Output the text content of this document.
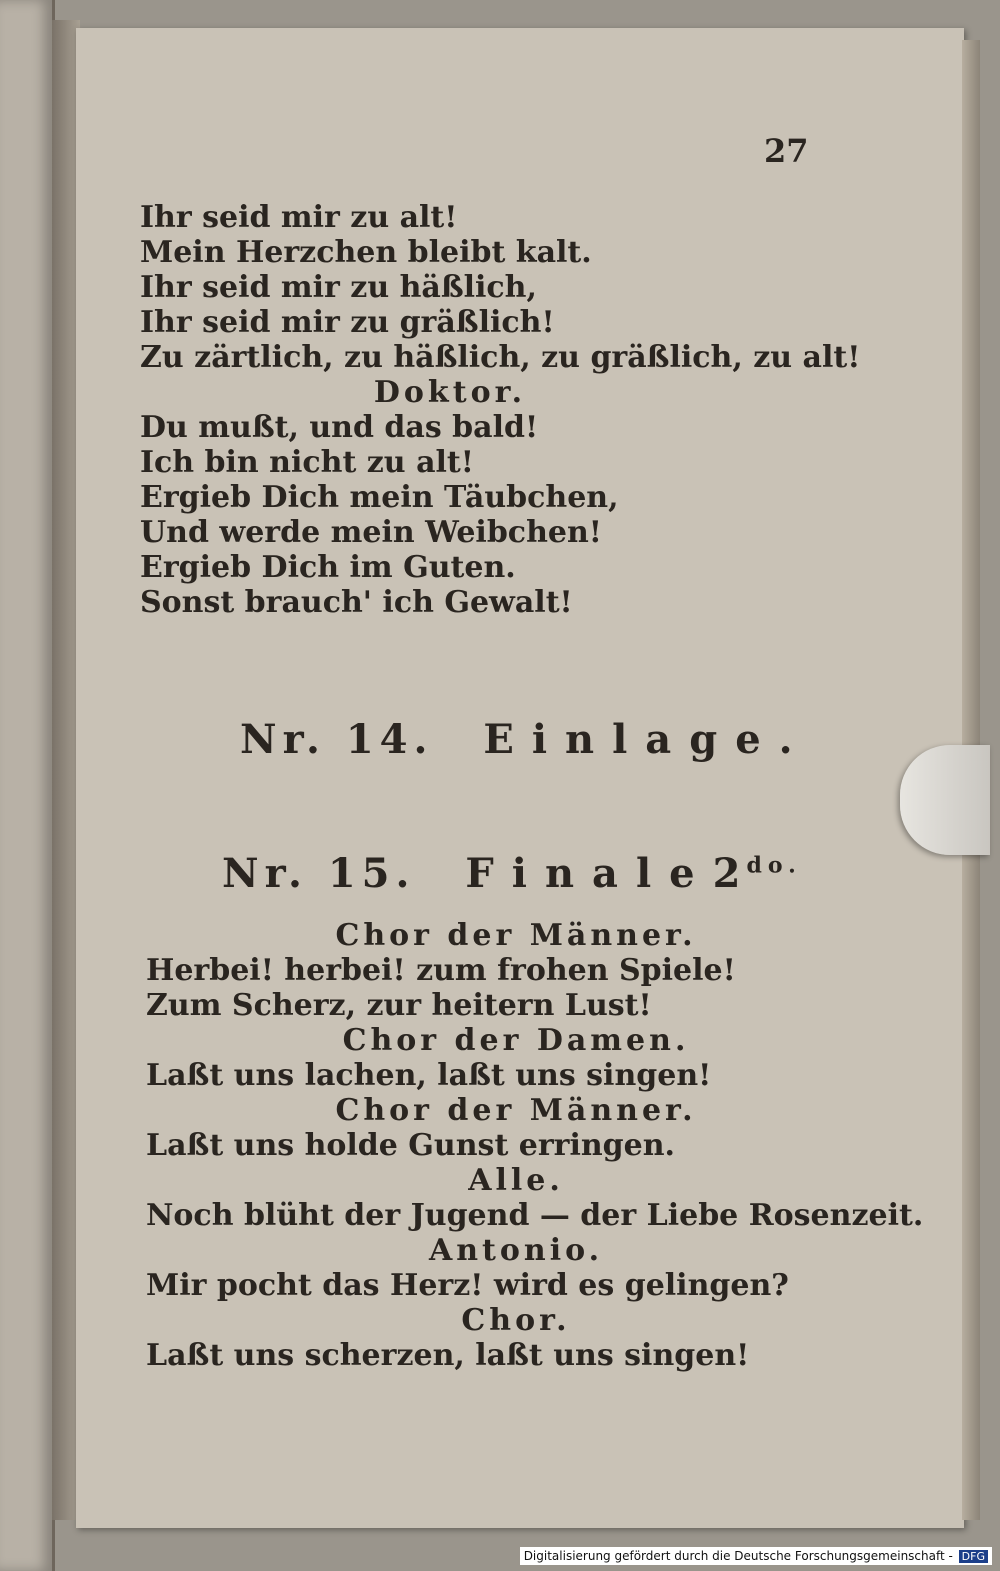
27
Ihr seid mir zu alt!
Mein Herzchen bleibt kalt.
Ihr seid mir zu häßlich,
Ihr seid mir zu gräßlich!
Zu zärtlich, zu häßlich, zu gräßlich, zu alt!
Doktor.
Du mußt, und das bald!
Ich bin nicht zu alt!
Ergieb Dich mein Täubchen,
Und werde mein Weibchen!
Ergieb Dich im Guten.
Sonst brauch' ich Gewalt!
Nr. 14. Einlage.
Nr. 15. $Finale2^{do.}$
Chor der Männer.
Herbei! herbei! zum frohen Spiele!
Zum Scherz, zur heitern Lust!
Chor der Damen.
Laßt uns lachen, laßt uns singen!
Chor der Männer.
Laßt uns holde Gunst erringen.
Alle.
Noch blüht der Jugend — der Liebe Rosenzeit.
Antonio.
Mir pocht das Herz! wird es gelingen?
Chor.
Laßt uns scherzen, laßt uns singen!
Digitalisierung gefördert durch die Deutsche Forschungsgemeinschaft - DFG
